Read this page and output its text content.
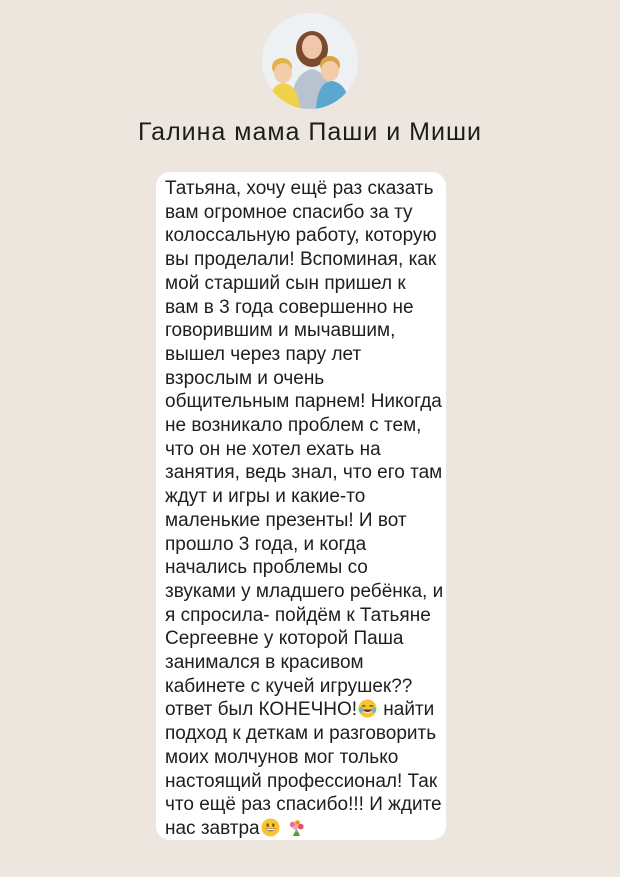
Галина мама Паши и Миши
Татьяна, хочу ещё раз сказать
вам огромное спасибо за ту
колоссальную работу, которую
вы проделали! Вспоминая, как
мой старший сын пришел к
вам в 3 года совершенно не
говорившим и мычавшим,
вышел через пару лет
взрослым и очень
общительным парнем! Никогда
не возникало проблем с тем,
что он не хотел ехать на
занятия, ведь знал, что его там
ждут и игры и какие-то
маленькие презенты! И вот
прошло 3 года, и когда
начались проблемы со
звуками у младшего ребёнка, и
я спросила- пойдём к Татьяне
Сергеевне у которой Паша
занимался в красивом
кабинете с кучей игрушек??
ответ был КОНЕЧНО!
найти
подход к деткам и разговорить
моих молчунов мог только
настоящий профессионал! Так
что ещё раз спасибо!!! И ждите
нас завтра
